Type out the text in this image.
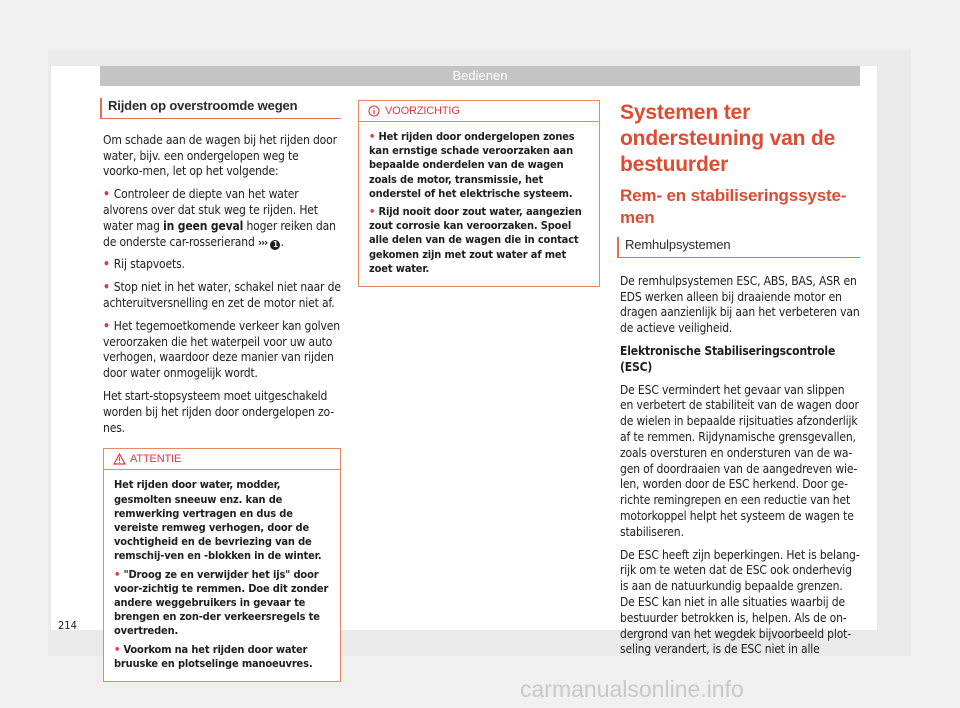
Bedienen
Rijden op overstroomde wegen

Om schade aan de wagen bij het rijden door water, bijv. een ondergelopen weg te voorko-men, let op het volgende:

• Controleer de diepte van het water alvorens over dat stuk weg te rijden. Het water mag in geen geval hoger reiken dan de onderste car-rosserierand ››› 1 .

• Rij stapvoets.

• Stop niet in het water, schakel niet naar de achteruitversnelling en zet de motor niet af.

• Het tegemoetkomende verkeer kan golven veroorzaken die het waterpeil voor uw auto verhogen, waardoor deze manier van rijden door water onmogelijk wordt.

Het start-stopsysteem moet uitgeschakeld worden bij het rijden door ondergelopen zo-nes.

ATTENTIE

Het rijden door water, modder, gesmolten sneeuw enz. kan de remwerking vertragen en dus de vereiste remweg verhogen, door de vochtigheid en de bevriezing van de remschij-ven en -blokken in de winter.

• "Droog ze en verwijder het ijs" door voor-zichtig te remmen. Doe dit zonder andere weggebruikers in gevaar te brengen en zon-der verkeersregels te overtreden.

• Voorkom na het rijden door water bruuske en plotselinge manoeuvres.

VOORZICHTIG

• Het rijden door ondergelopen zones kan ernstige schade veroorzaken aan bepaalde onderdelen van de wagen zoals de motor, transmissie, het onderstel of het elektrische systeem.

• Rijd nooit door zout water, aangezien zout corrosie kan veroorzaken. Spoel alle delen van de wagen die in contact gekomen zijn met zout water af met zoet water.

Systemen ter ondersteuning van de bestuurder
Rem- en stabiliseringssyste-men
Remhulpsystemen

De remhulpsystemen ESC, ABS, BAS, ASR en EDS werken alleen bij draaiende motor en dragen aanzienlijk bij aan het verbeteren van de actieve veiligheid.

Elektronische Stabiliseringscontrole (ESC)

De ESC vermindert het gevaar van slippen en verbetert de stabiliteit van de wagen door de wielen in bepaalde rijsituaties afzonderlijk af te remmen. Rijdynamische grensgevallen, zoals oversturen en ondersturen van de wa-gen of doordraaien van de aangedreven wie-len, worden door de ESC herkend. Door ge-richte remingrepen en een reductie van het motorkoppel helpt het systeem de wagen te stabiliseren.

De ESC heeft zijn beperkingen. Het is belang-rijk om te weten dat de ESC ook onderhevig is aan de natuurkundig bepaalde grenzen. De ESC kan niet in alle situaties waarbij de bestuurder betrokken is, helpen. Als de on-dergrond van het wegdek bijvoorbeeld plot-seling verandert, is de ESC niet in alle

214
carmanualsonline.info
